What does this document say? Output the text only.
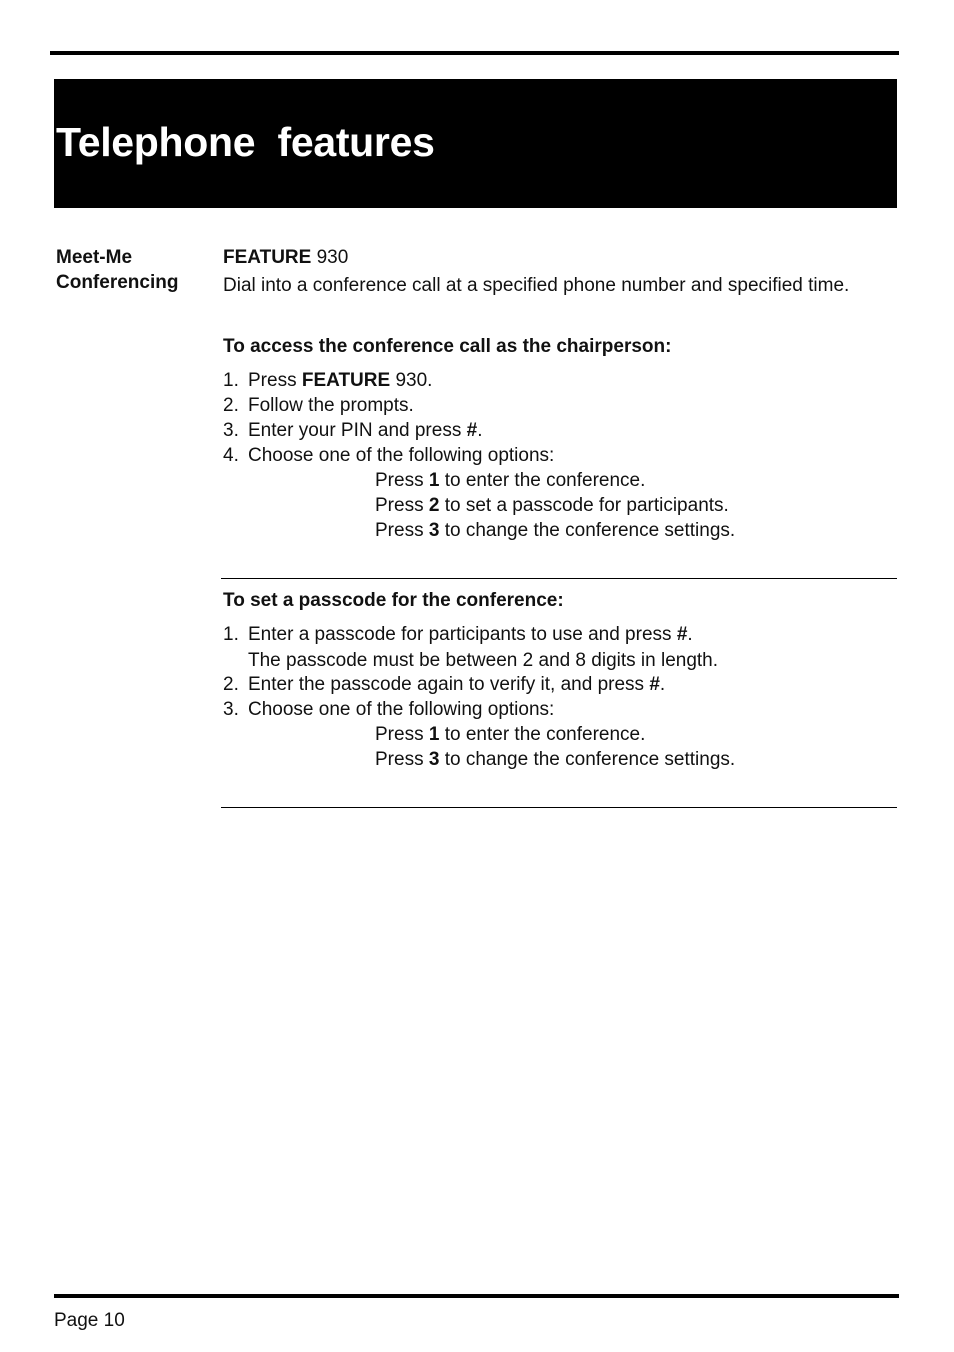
Telephone  features
Meet-Me
Conferencing
FEATURE 930
Dial into a conference call at a specified phone number and specified time.
To access the conference call as the chairperson:
1. Press FEATURE 930.
2. Follow the prompts.
3. Enter your PIN and press #.
4. Choose one of the following options:
Press 1 to enter the conference.
Press 2 to set a passcode for participants.
Press 3 to change the conference settings.
To set a passcode for the conference:
1. Enter a passcode for participants to use and press #.
The passcode must be between 2 and 8 digits in length.
2. Enter the passcode again to verify it, and press #.
3. Choose one of the following options:
Press 1 to enter the conference.
Press 3 to change the conference settings.
Page 10
